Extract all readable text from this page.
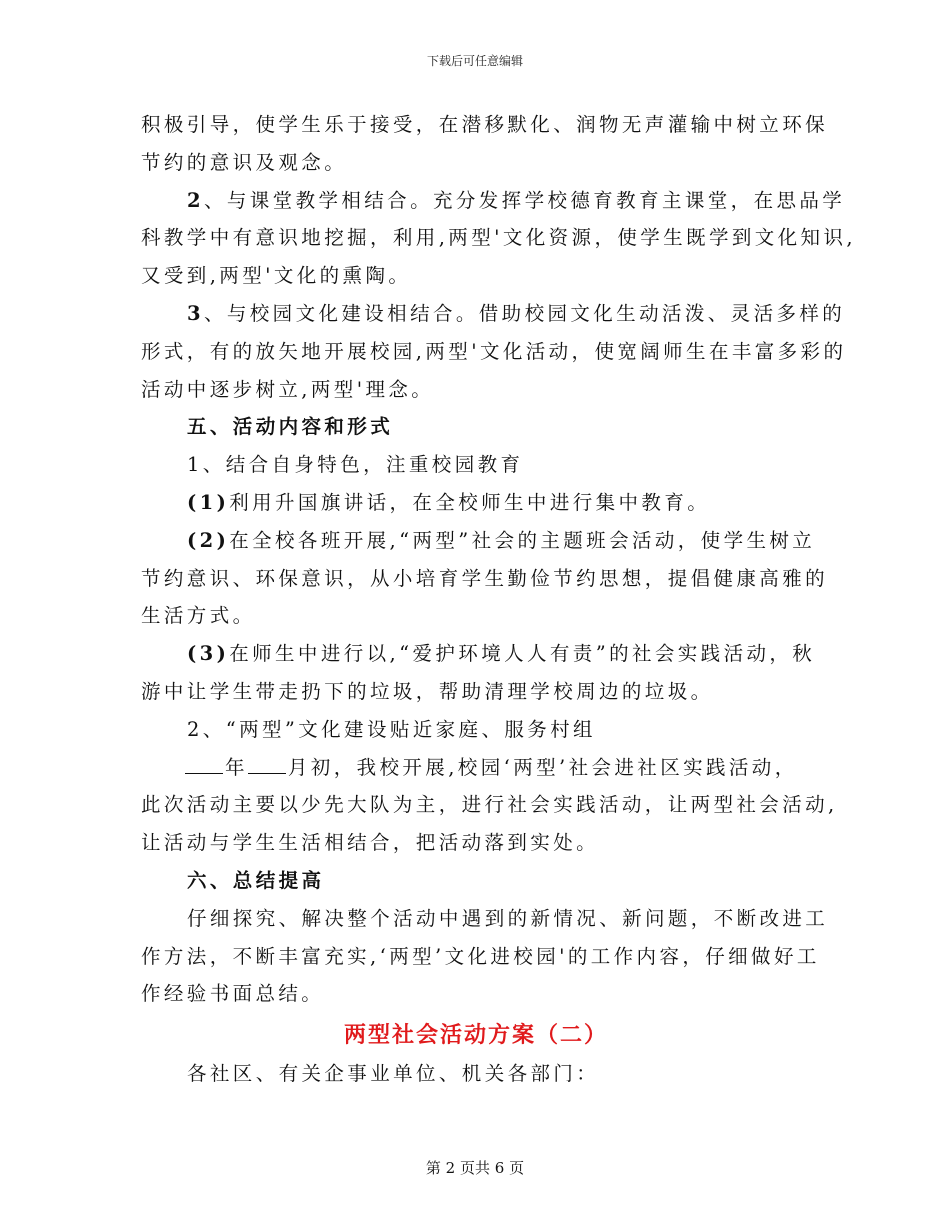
下载后可任意编辑
积极引导，使学生乐于接受，在潜移默化、润物无声灌输中树立环保
节约的意识及观念。
2、与课堂教学相结合。充分发挥学校德育教育主课堂，在思品学
科教学中有意识地挖掘，利用,两型'文化资源，使学生既学到文化知识,
又受到,两型'文化的熏陶。
3、与校园文化建设相结合。借助校园文化生动活泼、灵活多样的
形式，有的放矢地开展校园,两型'文化活动，使宽阔师生在丰富多彩的
活动中逐步树立,两型'理念。
五、活动内容和形式
1、结合自身特色，注重校园教育
(1)利用升国旗讲话，在全校师生中进行集中教育。
(2)在全校各班开展,“两型”社会的主题班会活动，使学生树立
节约意识、环保意识，从小培育学生勤俭节约思想，提倡健康高雅的
生活方式。
(3)在师生中进行以,“爱护环境人人有责”的社会实践活动，秋
游中让学生带走扔下的垃圾，帮助清理学校周边的垃圾。
2、“两型”文化建设贴近家庭、服务村组
年 月初，我校开展,校园‘两型’社会进社区实践活动，
此次活动主要以少先大队为主，进行社会实践活动，让两型社会活动,
让活动与学生生活相结合，把活动落到实处。
六、总结提高
仔细探究、解决整个活动中遇到的新情况、新问题，不断改进工
作方法，不断丰富充实,‘两型’文化进校园'的工作内容，仔细做好工
作经验书面总结。
两型社会活动方案（二）
各社区、有关企事业单位、机关各部门：
第 2 页共 6 页
